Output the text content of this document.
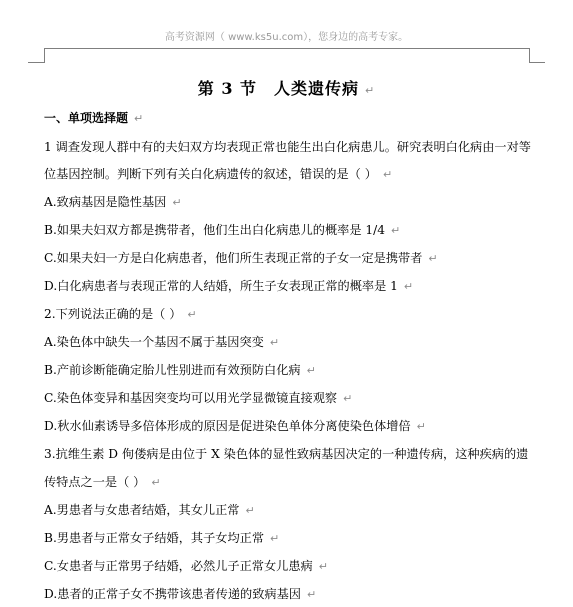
高考资源网（ www.ks5u.com），您身边的高考专家。
第 3 节　人类遗传病 ↵
一、单项选择题 ↵
1 调查发现人群中有的夫妇双方均表现正常也能生出白化病患儿。研究表明白化病由一对等
位基因控制。判断下列有关白化病遗传的叙述，错误的是（ ） ↵
A.致病基因是隐性基因 ↵
B.如果夫妇双方都是携带者，他们生出白化病患儿的概率是 1/4 ↵
C.如果夫妇一方是白化病患者，他们所生表现正常的子女一定是携带者 ↵
D.白化病患者与表现正常的人结婚，所生子女表现正常的概率是 1 ↵
2.下列说法正确的是（ ） ↵
A.染色体中缺失一个基因不属于基因突变 ↵
B.产前诊断能确定胎儿性别进而有效预防白化病 ↵
C.染色体变异和基因突变均可以用光学显微镜直接观察 ↵
D.秋水仙素诱导多倍体形成的原因是促进染色单体分离使染色体增倍 ↵
3.抗维生素 D 佝偻病是由位于 X 染色体的显性致病基因决定的一种遗传病，这种疾病的遗
传特点之一是（ ） ↵
A.男患者与女患者结婚，其女儿正常 ↵
B.男患者与正常女子结婚，其子女均正常 ↵
C.女患者与正常男子结婚，必然儿子正常女儿患病 ↵
D.患者的正常子女不携带该患者传递的致病基因 ↵
